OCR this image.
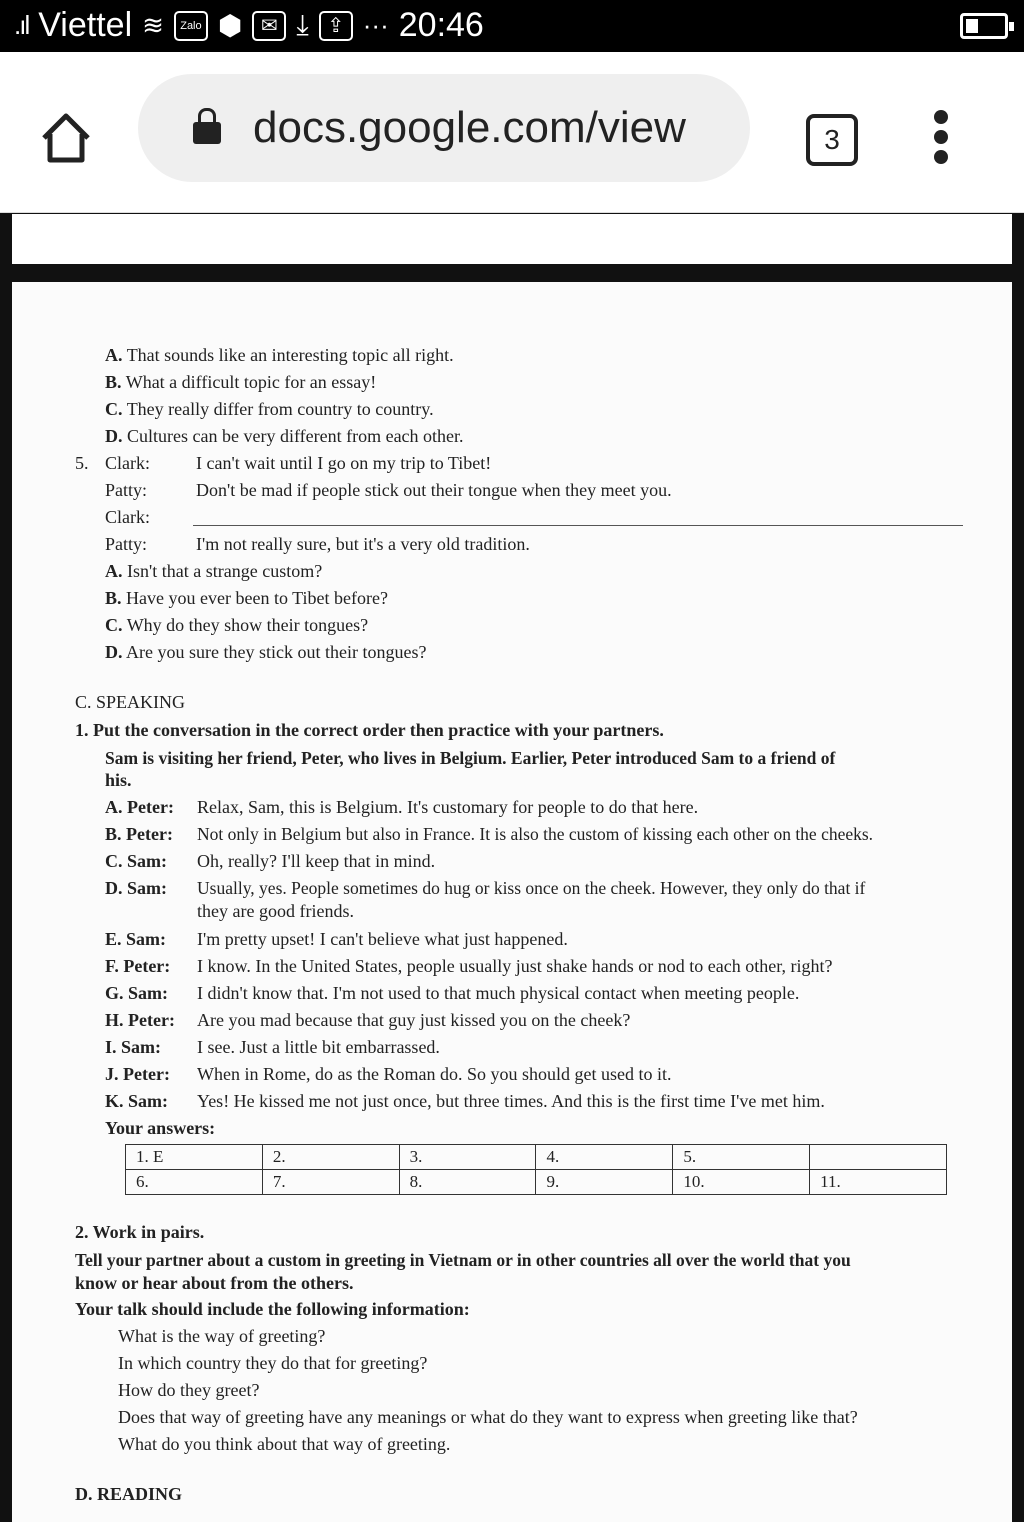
.ıl Viettel ≋	Zalo ⬢ ✉ ⤓ ⇪ ··· 20:46
docs.google.com/view	3
A. That sounds like an interesting topic all right.
B. What a difficult topic for an essay!
C. They really differ from country to country.
D. Cultures can be very different from each other.
5. Clark:	I can't wait until I go on my trip to Tibet!
Patty:	Don't be mad if people stick out their tongue when they meet you.
Clark:
Patty:	I'm not really sure, but it's a very old tradition.
A. Isn't that a strange custom?
B. Have you ever been to Tibet before?
C. Why do they show their tongues?
D. Are you sure they stick out their tongues?
C. SPEAKING
1. Put the conversation in the correct order then practice with your partners.
Sam is visiting her friend, Peter, who lives in Belgium. Earlier, Peter introduced Sam to a friend of
his.
A. Peter: Relax, Sam, this is Belgium. It's customary for people to do that here.
B. Peter: Not only in Belgium but also in France. It is also the custom of kissing each other on the cheeks.
C. Sam: Oh, really? I'll keep that in mind.
D. Sam: Usually, yes. People sometimes do hug or kiss once on the cheek. However, they only do that if
they are good friends.
E. Sam: I'm pretty upset! I can't believe what just happened.
F. Peter: I know. In the United States, people usually just shake hands or nod to each other, right?
G. Sam: I didn't know that. I'm not used to that much physical contact when meeting people.
H. Peter: Are you mad because that guy just kissed you on the cheek?
I. Sam: I see. Just a little bit embarrassed.
J. Peter: When in Rome, do as the Roman do. So you should get used to it.
K. Sam: Yes! He kissed me not just once, but three times. And this is the first time I've met him.
Your answers:
1. E	2.	3.	4.	5.	
6.	7.	8.	9.	10.	11.
2. Work in pairs.
Tell your partner about a custom in greeting in Vietnam or in other countries all over the world that you
know or hear about from the others.
Your talk should include the following information:
What is the way of greeting?
In which country they do that for greeting?
How do they greet?
Does that way of greeting have any meanings or what do they want to express when greeting like that?
What do you think about that way of greeting.
D. READING
